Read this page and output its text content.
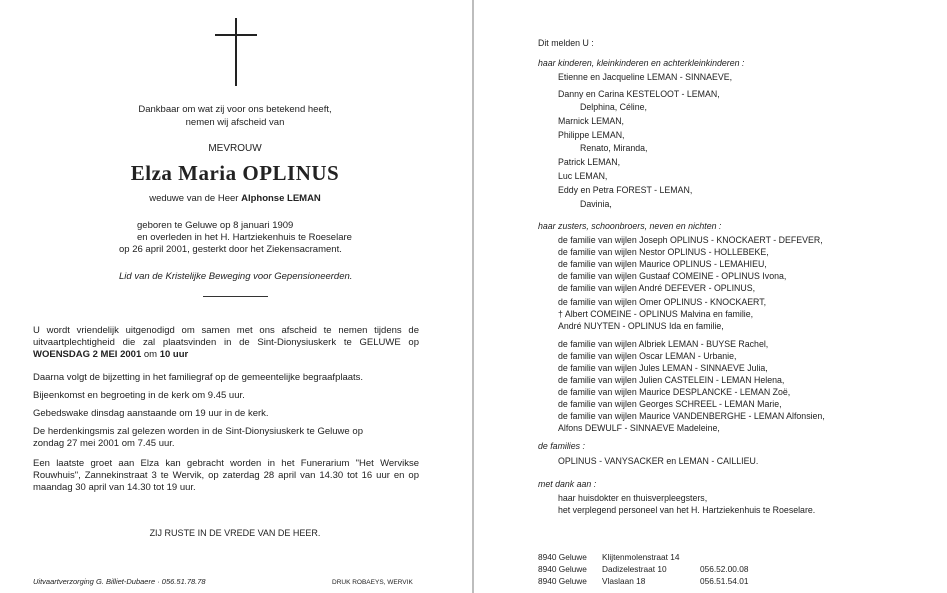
Dankbaar om wat zij voor ons betekend heeft,
nemen wij afscheid van
MEVROUW
Elza Maria OPLINUS
weduwe van de Heer Alphonse LEMAN
geboren te Geluwe op 8 januari 1909
en overleden in het H. Hartziekenhuis te Roeselare
op 26 april 2001, gesterkt door het Ziekensacrament.
Lid van de Kristelijke Beweging voor Gepensioneerden.
U wordt vriendelijk uitgenodigd om samen met ons afscheid te nemen tijdens de uitvaartplechtigheid die zal plaatsvinden in de Sint-Dionysiuskerk te GELUWE op WOENSDAG 2 MEI 2001 om 10 uur
Daarna volgt de bijzetting in het familiegraf op de gemeentelijke begraafplaats.
Bijeenkomst en begroeting in de kerk om 9.45 uur.
Gebedswake dinsdag aanstaande om 19 uur in de kerk.
De herdenkingsmis zal gelezen worden in de Sint-Dionysiuskerk te Geluwe op zondag 27 mei 2001 om 7.45 uur.
Een laatste groet aan Elza kan gebracht worden in het Funerarium "Het Wervikse Rouwhuis", Zannekinstraat 3 te Wervik, op zaterdag 28 april van 14.30 tot 16 uur en op maandag 30 april van 14.30 tot 19 uur.
ZIJ RUSTE IN DE VREDE VAN DE HEER.
Uitvaartverzorging G. Billiet-Dubaere · 056.51.78.78	DRUK ROBAEYS, WERVIK
Dit melden U :
haar kinderen, kleinkinderen en achterkleinkinderen :
Etienne en Jacqueline LEMAN - SINNAEVE,
Danny en Carina KESTELOOT - LEMAN,
Delphina, Céline,
Marnick LEMAN,
Philippe LEMAN,
Renato, Miranda,
Patrick LEMAN,
Luc LEMAN,
Eddy en Petra FOREST - LEMAN,
Davinia,
haar zusters, schoonbroers, neven en nichten :
de familie van wijlen Joseph OPLINUS - KNOCKAERT - DEFEVER,
de familie van wijlen Nestor OPLINUS - HOLLEBEKE,
de familie van wijlen Maurice OPLINUS - LEMAHIEU,
de familie van wijlen Gustaaf COMEINE - OPLINUS Ivona,
de familie van wijlen André DEFEVER - OPLINUS,
de familie van wijlen Omer OPLINUS - KNOCKAERT,
† Albert COMEINE - OPLINUS Malvina en familie,
André NUYTEN - OPLINUS Ida en familie,
de familie van wijlen Albriek LEMAN - BUYSE Rachel,
de familie van wijlen Oscar LEMAN - Urbanie,
de familie van wijlen Jules LEMAN - SINNAEVE Julia,
de familie van wijlen Julien CASTELEIN - LEMAN Helena,
de familie van wijlen Maurice DESPLANCKE - LEMAN Zoë,
de familie van wijlen Georges SCHREEL - LEMAN Marie,
de familie van wijlen Maurice VANDENBERGHE - LEMAN Alfonsien,
Alfons DEWULF - SINNAEVE Madeleine,
de families :
OPLINUS - VANYSACKER en LEMAN - CAILLIEU.
met dank aan :
haar huisdokter en thuisverpleegsters,
het verplegend personeel van het H. Hartziekenhuis te Roeselare.
8940 Geluwe Klijtenmolenstraat 14
8940 Geluwe Dadizelestraat 10	056.52.00.08
8940 Geluwe Vlaslaan 18	056.51.54.01
